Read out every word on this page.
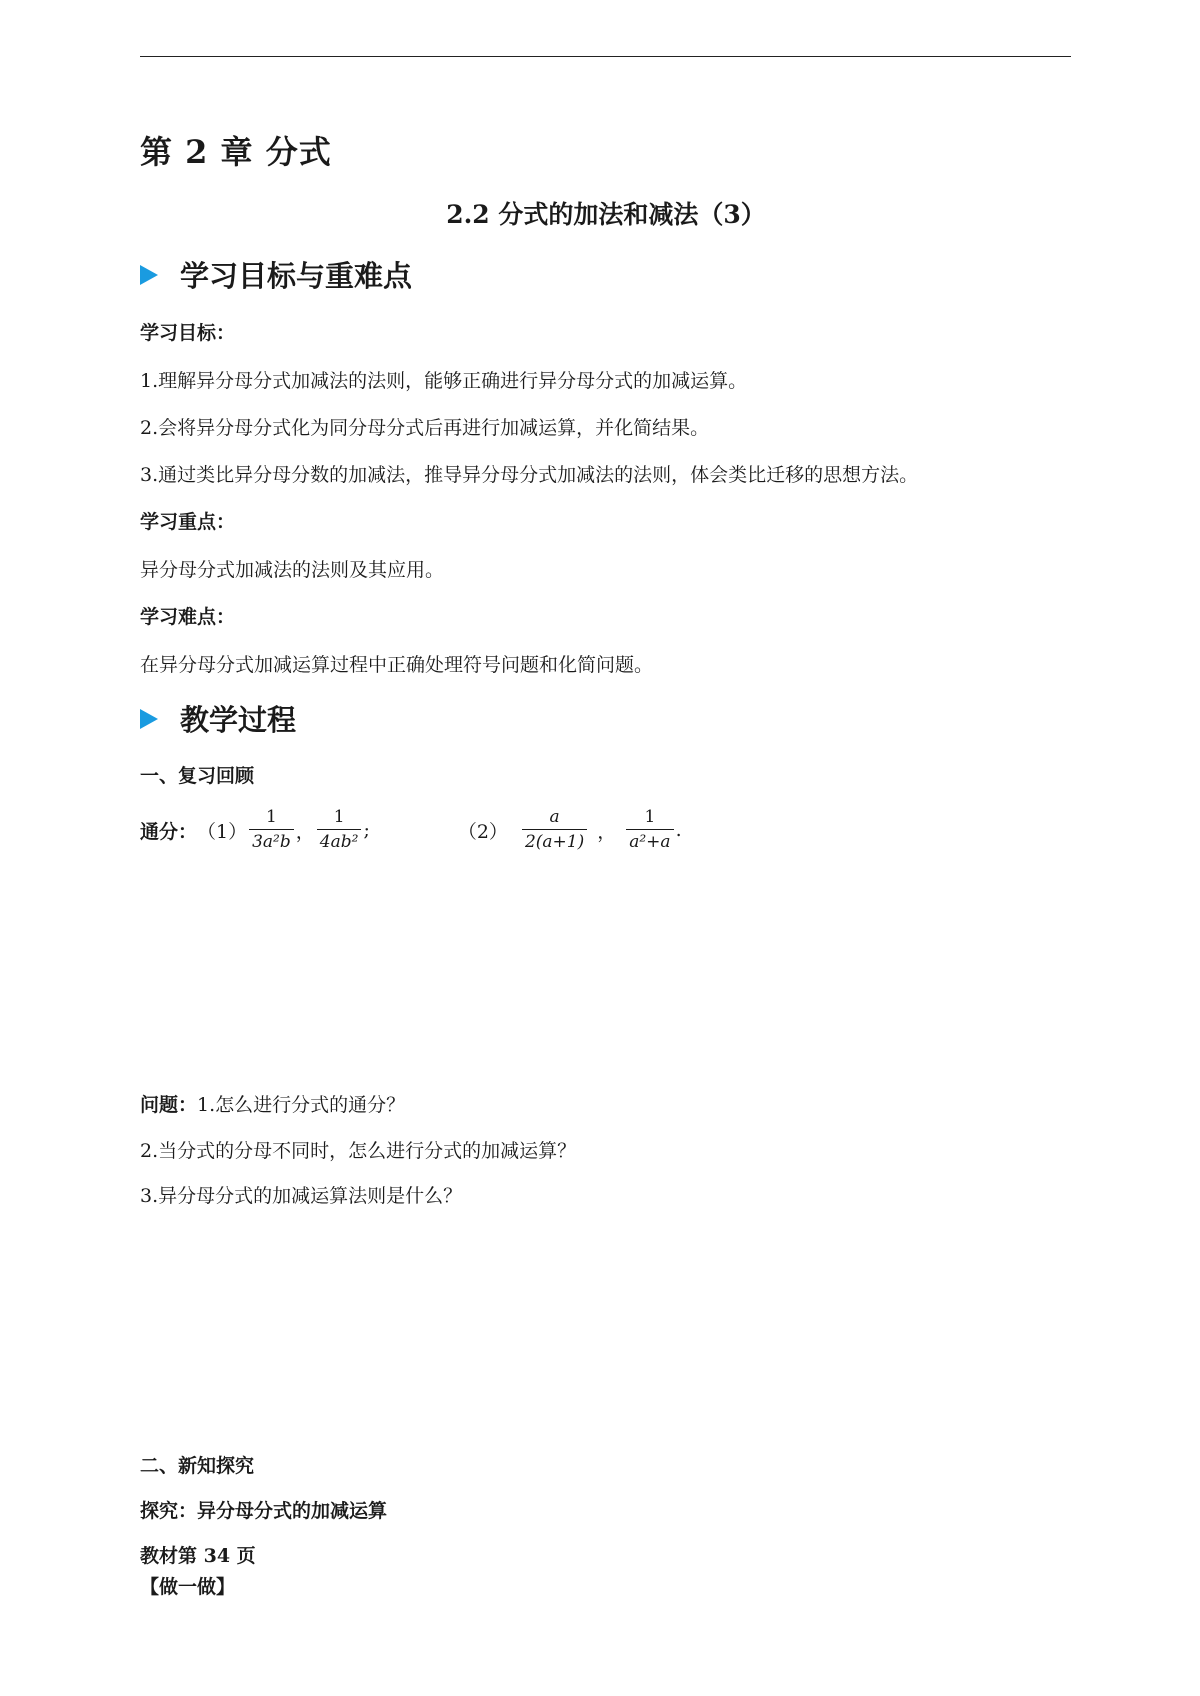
第 2 章 分式
2.2 分式的加法和减法（3）
学习目标与重难点
学习目标：
1.理解异分母分式加减法的法则，能够正确进行异分母分式的加减运算。
2.会将异分母分式化为同分母分式后再进行加减运算，并化简结果。
3.通过类比异分母分数的加减法，推导异分母分式加减法的法则，体会类比迁移的思想方法。
学习重点：
异分母分式加减法的法则及其应用。
学习难点：
在异分母分式加减运算过程中正确处理符号问题和化简问题。
教学过程
一、复习回顾
通分： $(1) \frac{1}{\text{3a²b}}$ ， $\frac{1}{\text{4ab²}}$ ;	$(2) \frac{a}{2(a+1)}$ ， $\frac{1}{\text{a²+a}}$ .
问题：1.怎么进行分式的通分？
2.当分式的分母不同时，怎么进行分式的加减运算？
3.异分母分式的加减运算法则是什么？
二、新知探究
探究：异分母分式的加减运算
教材第 34 页
【做一做】
